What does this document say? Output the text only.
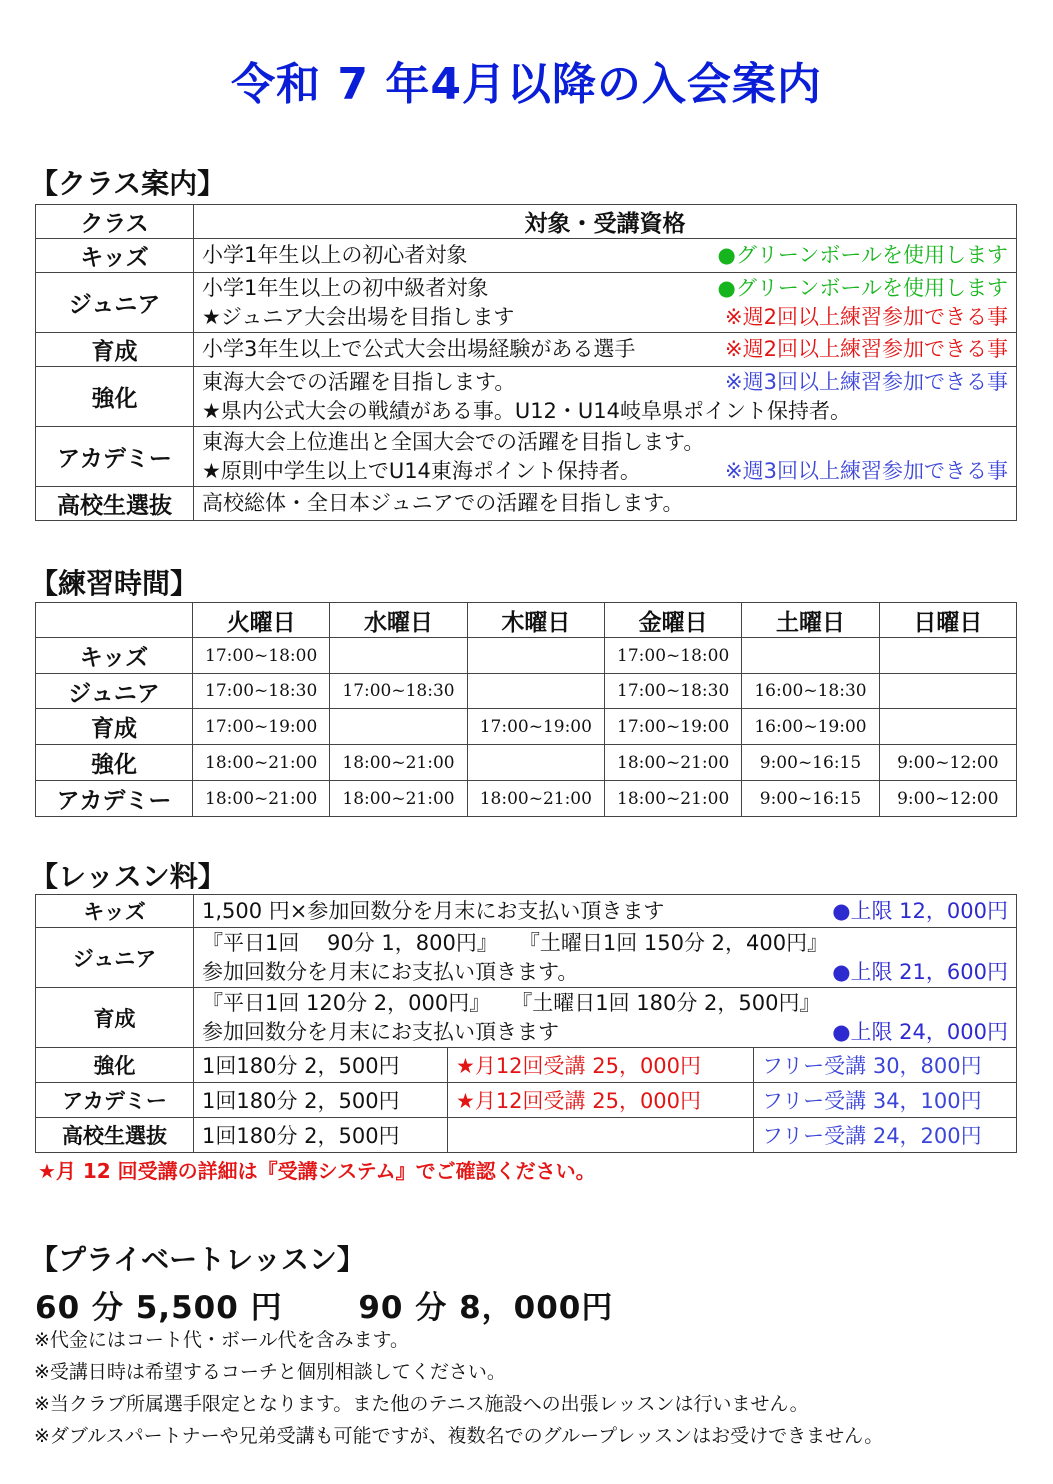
令和 7 年4月以降の入会案内
【クラス案内】
クラス	対象・受講資格
キッズ	小学1年生以上の初心者対象 ●グリーンボールを使用します

ジュニア	小学1年生以上の初中級者対象 ●グリーンボールを使用します
★ジュニア大会出場を目指します ※週2回以上練習参加できる事

育成	小学3年生以上で公式大会出場経験がある選手 ※週2回以上練習参加できる事

強化	東海大会での活躍を目指します。 ※週3回以上練習参加できる事
★県内公式大会の戦績がある事。U12・U14岐阜県ポイント保持者。

アカデミー	東海大会上位進出と全国大会での活躍を目指します。
★原則中学生以上でU14東海ポイント保持者。 ※週3回以上練習参加できる事

高校生選抜	高校総体・全日本ジュニアでの活躍を目指します。
【練習時間】
	火曜日	水曜日	木曜日	金曜日	土曜日	日曜日
キッズ	17:00~18:00			17:00~18:00		
ジュニア	17:00~18:30	17:00~18:30		17:00~18:30	16:00~18:30	
育成	17:00~19:00		17:00~19:00	17:00~19:00	16:00~19:00	
強化	18:00~21:00	18:00~21:00		18:00~21:00	9:00~16:15	9:00~12:00
アカデミー	18:00~21:00	18:00~21:00	18:00~21:00	18:00~21:00	9:00~16:15	9:00~12:00
【レッスン料】
キッズ	1,500 円×参加回数分を月末にお支払い頂きます ●上限 12，000円		

ジュニア	『平日1回　 90分 1，800円』　　『土曜日1回 150分 2，400円』
参加回数分を月末にお支払い頂きます。 ●上限 21，600円		

育成	『平日1回 120分 2，000円』　　『土曜日1回 180分 2，500円』
参加回数分を月末にお支払い頂きます ●上限 24，000円		

強化	1回180分 2，500円	★月12回受講 25，000円	フリー受講 30，800円
アカデミー	1回180分 2，500円	★月12回受講 25，000円	フリー受講 34，100円
高校生選抜	1回180分 2，500円		フリー受講 24，200円
★月 12 回受講の詳細は『受講システム』でご確認ください。
【プライベートレッスン】
60 分 5,500 円　　 90 分 8，000円
※代金にはコート代・ボール代を含みます。
※受講日時は希望するコーチと個別相談してください。
※当クラブ所属選手限定となります。また他のテニス施設への出張レッスンは行いません。
※ダブルスパートナーや兄弟受講も可能ですが、複数名でのグループレッスンはお受けできません。
